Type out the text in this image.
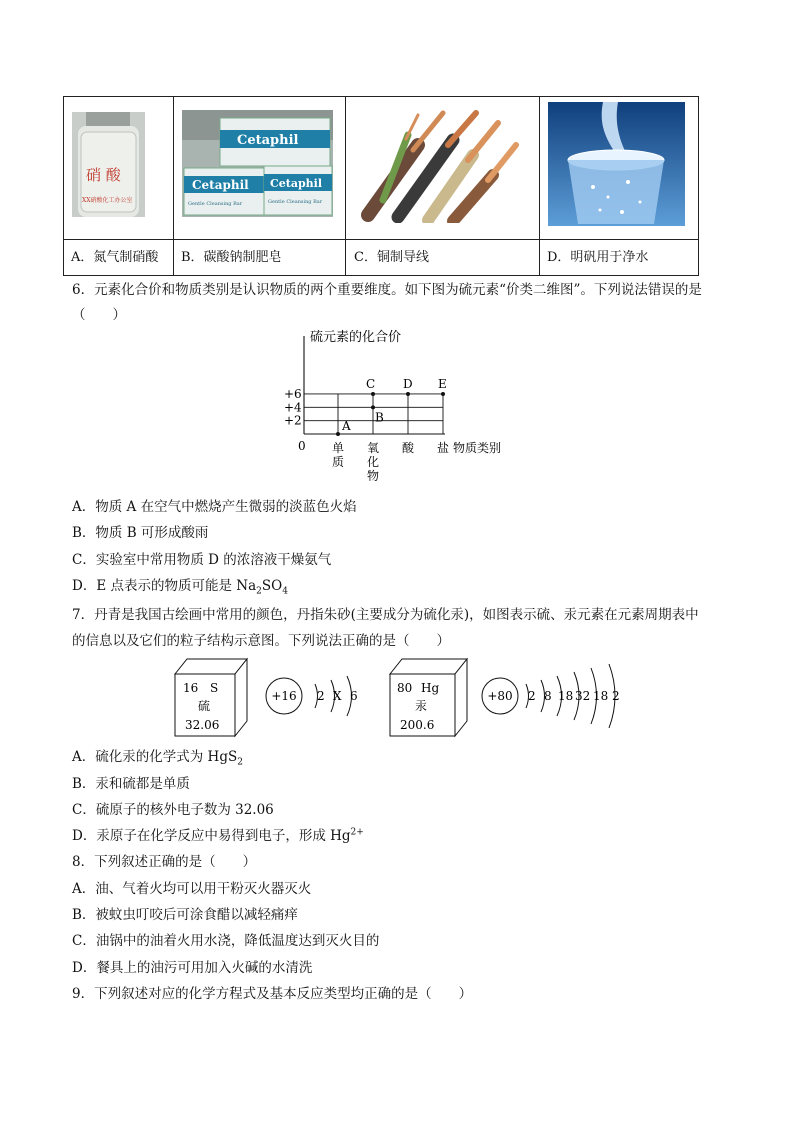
硝 酸
XX硝酸化工办公室
Cetaphil
Cetaphil
Gentle Cleansing Bar
Cetaphil
Gentle Cleansing Bar
A．氮气制硝酸 B．碳酸钠制肥皂	C．铜制导线	D．明矾用于净水
6．元素化合价和物质类别是认识物质的两个重要维度。如下图为硫元素“价类二维图”。下列说法错误的是
（　　）
硫元素的化合价
0	物质类别
+2
+4
+6
单质
氧化物
酸 盐
A
B
C D E
A．物质 A 在空气中燃烧产生微弱的淡蓝色火焰
B．物质 B 可形成酸雨
C．实验室中常用物质 D 的浓溶液干燥氨气
D．E 点表示的物质可能是 $Na_2SO_4$
7．丹青是我国古绘画中常用的颜色，丹指朱砂(主要成分为硫化汞)，如图表示硫、汞元素在元素周期表中
的信息以及它们的粒子结构示意图。下列说法正确的是（　　）
16 S
硫
32.06
+16 2 X 6
80 Hg
汞
200.6
+80 2 8 18 32 18 2
A．硫化汞的化学式为 HgS$_2$
B．汞和硫都是单质
C．硫原子的核外电子数为 32.06
D．汞原子在化学反应中易得到电子，形成 $Hg^{2+}$
8．下列叙述正确的是（　　）
A．油、气着火均可以用干粉灭火器灭火
B．被蚊虫叮咬后可涂食醋以减轻痛痒
C．油锅中的油着火用水浇，降低温度达到灭火目的
D．餐具上的油污可用加入火碱的水清洗
9．下列叙述对应的化学方程式及基本反应类型均正确的是（　　）
